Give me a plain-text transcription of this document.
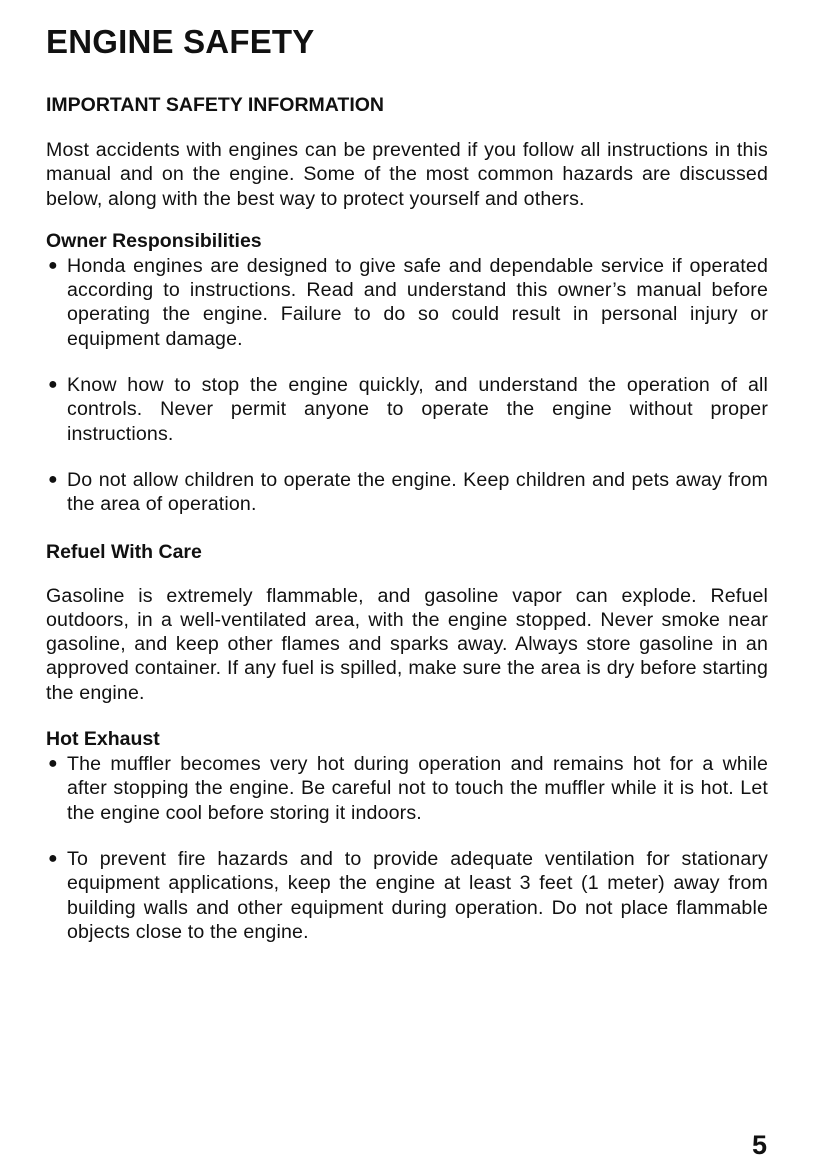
ENGINE SAFETY
IMPORTANT SAFETY INFORMATION

Most accidents with engines can be prevented if you follow all instructions in this manual and on the engine. Some of the most common hazards are discussed below, along with the best way to protect yourself and others.

Owner Responsibilities
● Honda engines are designed to give safe and dependable service if operated according to instructions. Read and understand this owner’s manual before operating the engine. Failure to do so could result in personal injury or equipment damage.
● Know how to stop the engine quickly, and understand the operation of all controls. Never permit anyone to operate the engine without proper instructions.
● Do not allow children to operate the engine. Keep children and pets away from the area of operation.
Refuel With Care

Gasoline is extremely flammable, and gasoline vapor can explode. Refuel outdoors, in a well-ventilated area, with the engine stopped. Never smoke near gasoline, and keep other flames and sparks away. Always store gasoline in an approved container. If any fuel is spilled, make sure the area is dry before starting the engine.

Hot Exhaust
● The muffler becomes very hot during operation and remains hot for a while after stopping the engine. Be careful not to touch the muffler while it is hot. Let the engine cool before storing it indoors.
● To prevent fire hazards and to provide adequate ventilation for stationary equipment applications, keep the engine at least 3 feet (1 meter) away from building walls and other equipment during operation. Do not place flammable objects close to the engine.
5
